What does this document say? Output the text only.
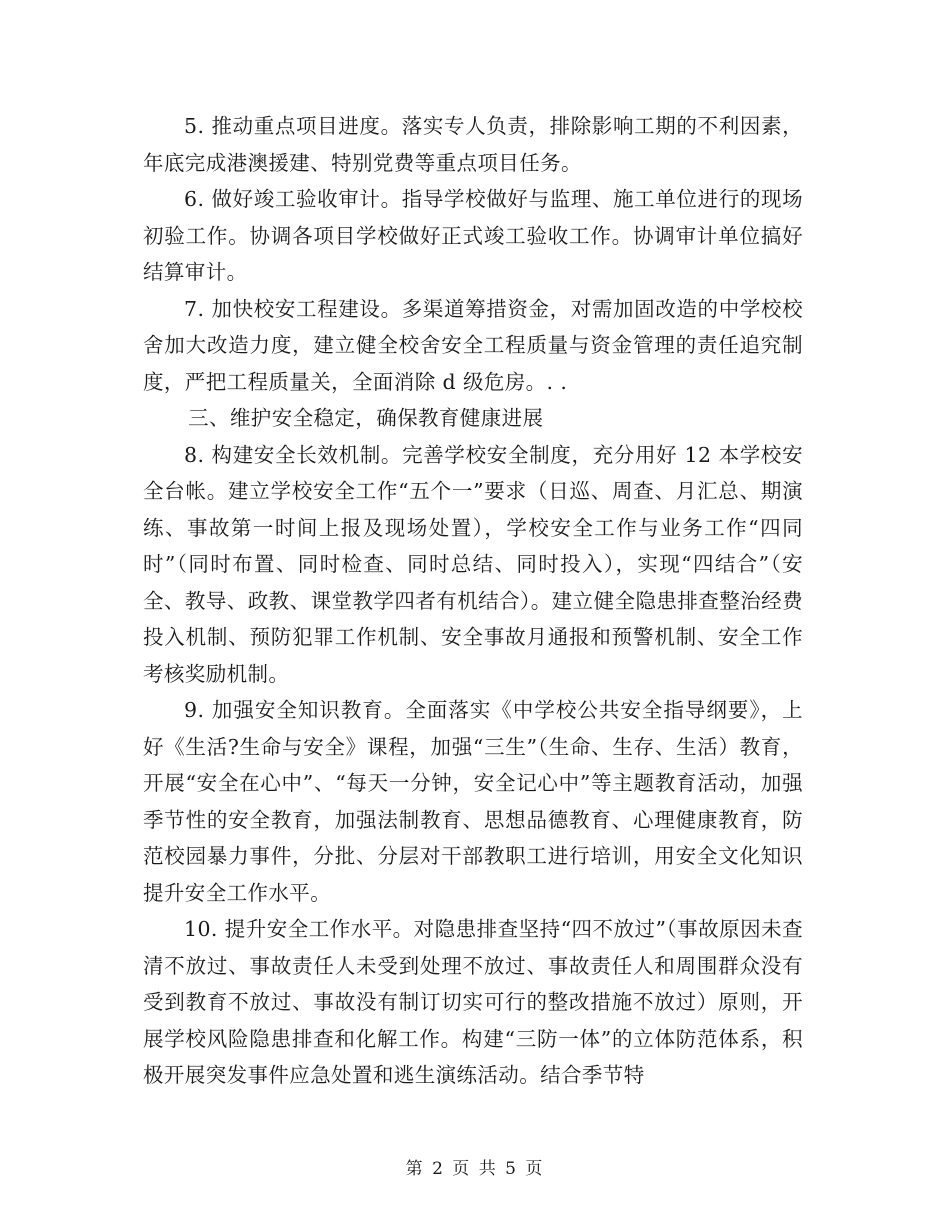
5. 推动重点项目进度。落实专人负责，排除影响工期的不利因素，年底完成港澳援建、特别党费等重点项目任务。

6. 做好竣工验收审计。指导学校做好与监理、施工单位进行的现场初验工作。协调各项目学校做好正式竣工验收工作。协调审计单位搞好结算审计。

7. 加快校安工程建设。多渠道筹措资金，对需加固改造的中学校校舍加大改造力度，建立健全校舍安全工程质量与资金管理的责任追究制度，严把工程质量关，全面消除 d 级危房。. .

三、维护安全稳定，确保教育健康进展

8. 构建安全长效机制。完善学校安全制度，充分用好 12 本学校安全台帐。建立学校安全工作“五个一”要求（日巡、周查、月汇总、期演练、事故第一时间上报及现场处置），学校安全工作与业务工作“四同时”（同时布置、同时检查、同时总结、同时投入），实现“四结合”（安全、教导、政教、课堂教学四者有机结合）。建立健全隐患排查整治经费投入机制、预防犯罪工作机制、安全事故月通报和预警机制、安全工作考核奖励机制。

9. 加强安全知识教育。全面落实《中学校公共安全指导纲要》，上好《生活?生命与安全》课程，加强“三生”（生命、生存、生活）教育，开展“安全在心中”、“每天一分钟，安全记心中”等主题教育活动，加强季节性的安全教育，加强法制教育、思想品德教育、心理健康教育，防范校园暴力事件，分批、分层对干部教职工进行培训，用安全文化知识提升安全工作水平。

10. 提升安全工作水平。对隐患排查坚持“四不放过”（事故原因未查清不放过、事故责任人未受到处理不放过、事故责任人和周围群众没有受到教育不放过、事故没有制订切实可行的整改措施不放过）原则，开展学校风险隐患排查和化解工作。构建“三防一体”的立体防范体系，积极开展突发事件应急处置和逃生演练活动。结合季节特

第 2 页 共 5 页
